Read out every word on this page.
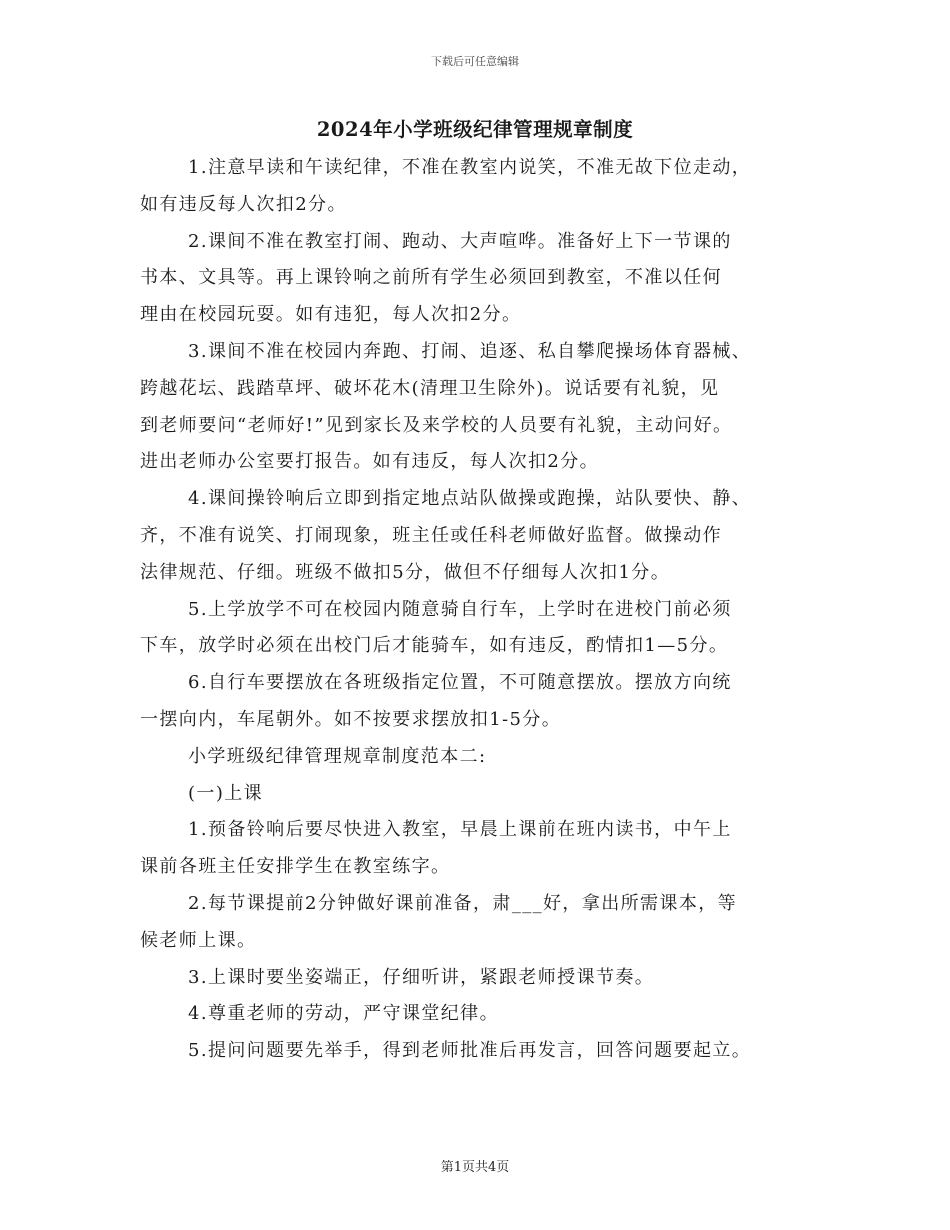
下载后可任意编辑
2024年小学班级纪律管理规章制度
1.注意早读和午读纪律，不准在教室内说笑，不准无故下位走动，
如有违反每人次扣2分。
2.课间不准在教室打闹、跑动、大声喧哗。准备好上下一节课的
书本、文具等。再上课铃响之前所有学生必须回到教室，不准以任何
理由在校园玩耍。如有违犯，每人次扣2分。
3.课间不准在校园内奔跑、打闹、追逐、私自攀爬操场体育器械、
跨越花坛、践踏草坪、破坏花木(清理卫生除外)。说话要有礼貌，见
到老师要问“老师好!”见到家长及来学校的人员要有礼貌，主动问好。
进出老师办公室要打报告。如有违反，每人次扣2分。
4.课间操铃响后立即到指定地点站队做操或跑操，站队要快、静、
齐，不准有说笑、打闹现象，班主任或任科老师做好监督。做操动作
法律规范、仔细。班级不做扣5分，做但不仔细每人次扣1分。
5.上学放学不可在校园内随意骑自行车，上学时在进校门前必须
下车，放学时必须在出校门后才能骑车，如有违反，酌情扣1—5分。
6.自行车要摆放在各班级指定位置，不可随意摆放。摆放方向统
一摆向内，车尾朝外。如不按要求摆放扣1-5分。
小学班级纪律管理规章制度范本二:
(一)上课
1.预备铃响后要尽快进入教室，早晨上课前在班内读书，中午上
课前各班主任安排学生在教室练字。
2.每节课提前2分钟做好课前准备，肃___好，拿出所需课本，等
候老师上课。
3.上课时要坐姿端正，仔细听讲，紧跟老师授课节奏。
4.尊重老师的劳动，严守课堂纪律。
5.提问问题要先举手，得到老师批准后再发言，回答问题要起立。
第1页共4页
